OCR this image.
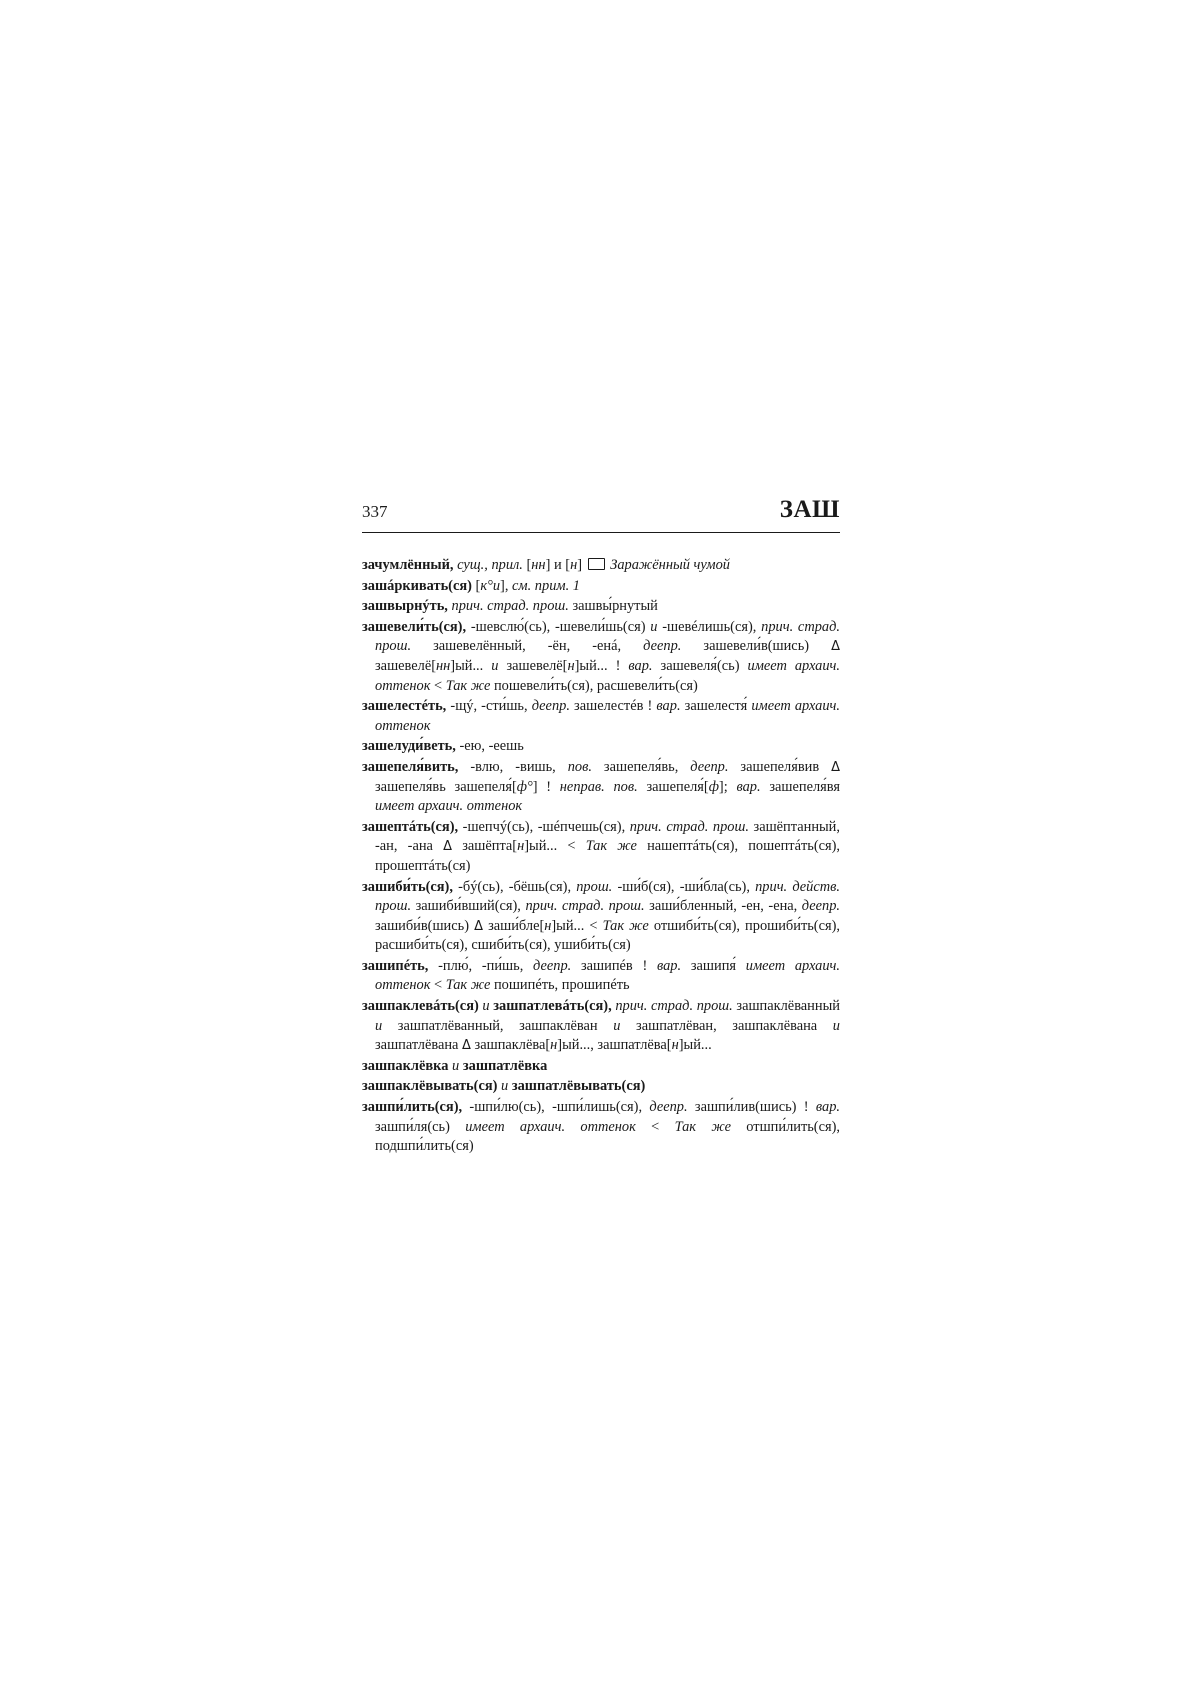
337	ЗАШ

зачумлённый, сущ., прил. [нн] и [н]  Заражённый чумой

зашáркивать(ся) [к°и], см. прим. 1

зашвырнýть, прич. страд. прош. зашвы́рнутый

зашевели́ть(ся), -шевслю́(сь), -шевели́шь(ся) и -шевéлишь(ся), прич. страд. прош. зашевелённый, -ён, -енá, деепр. зашевели́в(шись) Δ зашевелё[нн]ый... и зашевелё[н]ый... ! вар. зашевеля́(сь) имеет архаич. оттенок < Так же пошевели́ть(ся), расшевели́ть(ся)

зашелестéть, -щý, -сти́шь, деепр. зашелестéв ! вар. зашелестя́ имеет архаич. оттенок

зашелуди́веть, -ею, -еешь

зашепеля́вить, -влю, -вишь, пов. зашепеля́вь, деепр. зашепеля́вив Δ зашепеля́вь зашепеля́[ф°] ! неправ. пов. зашепеля́[ф]; вар. зашепеля́вя имеет архаич. оттенок

зашептáть(ся), -шепчý(сь), -шéпчешь(ся), прич. страд. прош. зашёптанный, -ан, -ана Δ зашёпта[н]ый... < Так же нашептáть(ся), пошептáть(ся), прошептáть(ся)

зашиби́ть(ся), -бý(сь), -бёшь(ся), прош. -ши́б(ся), -ши́бла(сь), прич. действ. прош. зашиби́вший(ся), прич. страд. прош. заши́бленный, -ен, -ена, деепр. зашиби́в(шись) Δ заши́бле[н]ый... < Так же отшиби́ть(ся), прошиби́ть(ся), расшиби́ть(ся), сшиби́ть(ся), ушиби́ть(ся)

зашипéть, -плю́, -пи́шь, деепр. зашипéв ! вар. зашипя́ имеет архаич. оттенок < Так же пошипéть, прошипéть

зашпаклевáть(ся) и зашпатлевáть(ся), прич. страд. прош. зашпаклёванный и зашпатлёванный, зашпаклёван и зашпатлёван, зашпаклёвана и зашпатлёвана Δ зашпаклёва[н]ый..., зашпатлёва[н]ый...

зашпаклёвка и зашпатлёвка

зашпаклёвывать(ся) и зашпатлёвывать(ся)

зашпи́лить(ся), -шпи́лю(сь), -шпи́лишь(ся), деепр. зашпи́лив(шись) ! вар. зашпи́ля(сь) имеет архаич. оттенок < Так же отшпи́лить(ся), подшпи́лить(ся)
